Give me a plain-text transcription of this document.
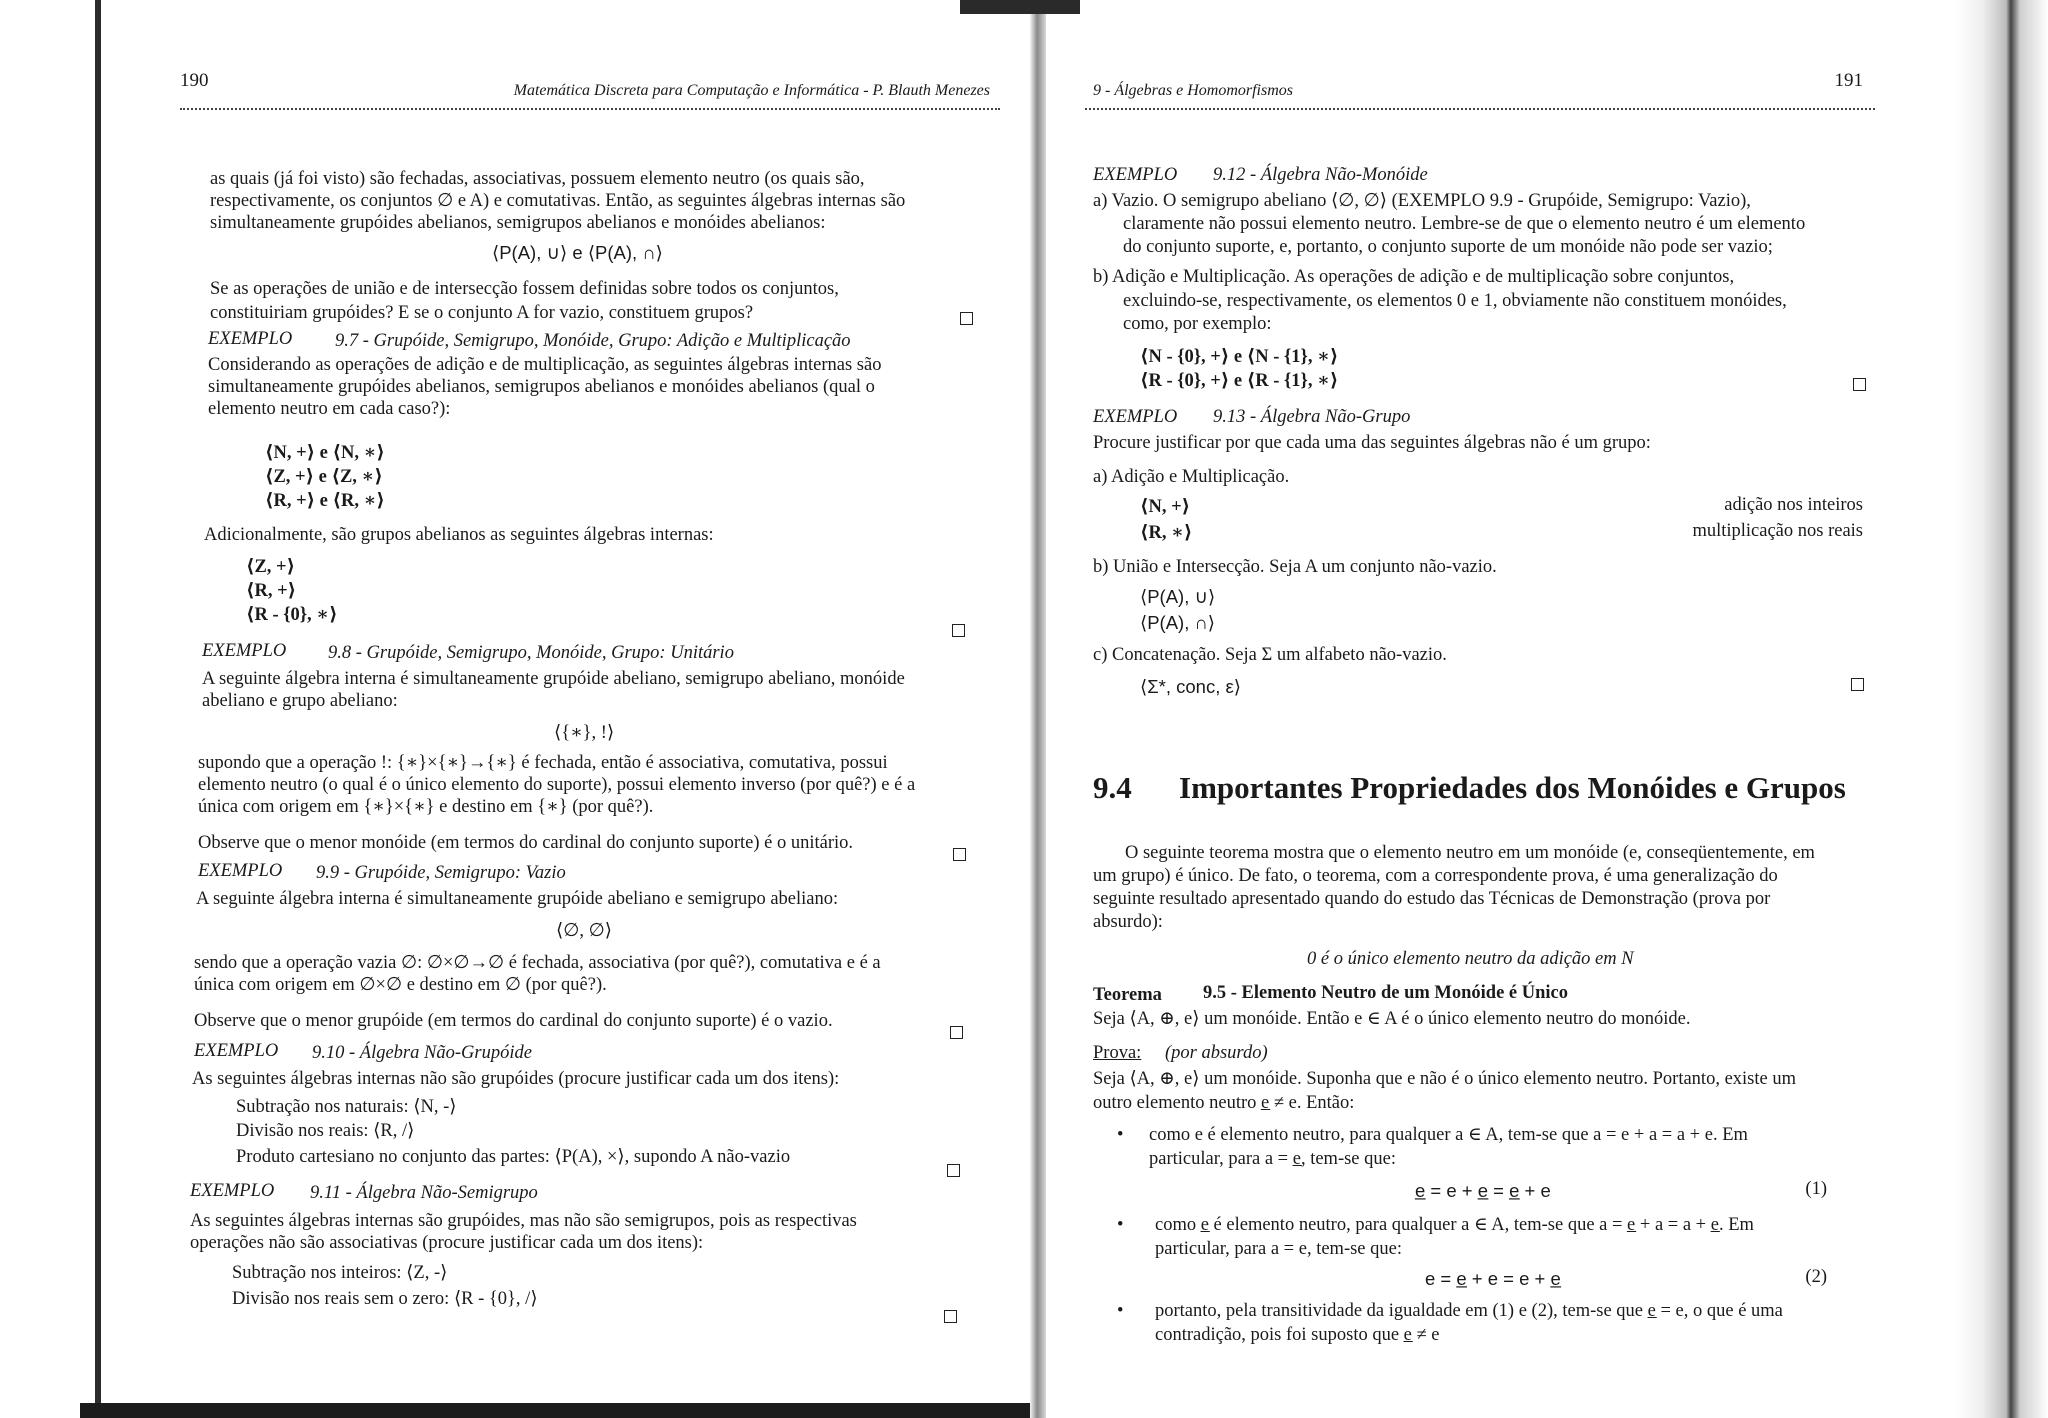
190	Matemática Discreta para Computação e Informática - P. Blauth Menezes
as quais (já foi visto) são fechadas, associativas, possuem elemento neutro (os quais são,
respectivamente, os conjuntos ∅ e A) e comutativas. Então, as seguintes álgebras internas são
simultaneamente grupóides abelianos, semigrupos abelianos e monóides abelianos:
⟨P(A), ∪⟩ e ⟨P(A), ∩⟩
Se as operações de união e de intersecção fossem definidas sobre todos os conjuntos,
constituiriam grupóides? E se o conjunto A for vazio, constituem grupos?
EXEMPLO 9.7 - Grupóide, Semigrupo, Monóide, Grupo: Adição e Multiplicação
Considerando as operações de adição e de multiplicação, as seguintes álgebras internas são
simultaneamente grupóides abelianos, semigrupos abelianos e monóides abelianos (qual o
elemento neutro em cada caso?):
⟨N, +⟩ e ⟨N, ∗⟩
⟨Z, +⟩ e ⟨Z, ∗⟩
⟨R, +⟩ e ⟨R, ∗⟩
Adicionalmente, são grupos abelianos as seguintes álgebras internas:
⟨Z, +⟩
⟨R, +⟩
⟨R - {0}, ∗⟩
EXEMPLO 9.8 - Grupóide, Semigrupo, Monóide, Grupo: Unitário
A seguinte álgebra interna é simultaneamente grupóide abeliano, semigrupo abeliano, monóide
abeliano e grupo abeliano:
⟨{∗}, !⟩
supondo que a operação !: {∗}×{∗}→{∗} é fechada, então é associativa, comutativa, possui
elemento neutro (o qual é o único elemento do suporte), possui elemento inverso (por quê?) e é a
única com origem em {∗}×{∗} e destino em {∗} (por quê?).
Observe que o menor monóide (em termos do cardinal do conjunto suporte) é o unitário.
EXEMPLO 9.9 - Grupóide, Semigrupo: Vazio
A seguinte álgebra interna é simultaneamente grupóide abeliano e semigrupo abeliano:
⟨∅, ∅⟩
sendo que a operação vazia ∅: ∅×∅→∅ é fechada, associativa (por quê?), comutativa e é a
única com origem em ∅×∅ e destino em ∅ (por quê?).
Observe que o menor grupóide (em termos do cardinal do conjunto suporte) é o vazio.
EXEMPLO 9.10 - Álgebra Não-Grupóide
As seguintes álgebras internas não são grupóides (procure justificar cada um dos itens):
Subtração nos naturais: ⟨N, -⟩
Divisão nos reais: ⟨R, /⟩
Produto cartesiano no conjunto das partes: ⟨P(A), ×⟩, supondo A não-vazio
EXEMPLO 9.11 - Álgebra Não-Semigrupo
As seguintes álgebras internas são grupóides, mas não são semigrupos, pois as respectivas
operações não são associativas (procure justificar cada um dos itens):
Subtração nos inteiros: ⟨Z, -⟩
Divisão nos reais sem o zero: ⟨R - {0}, /⟩
9 - Álgebras e Homomorfismos	191
EXEMPLO 9.12 - Álgebra Não-Monóide
a) Vazio. O semigrupo abeliano ⟨∅, ∅⟩ (EXEMPLO 9.9 - Grupóide, Semigrupo: Vazio),
claramente não possui elemento neutro. Lembre-se de que o elemento neutro é um elemento
do conjunto suporte, e, portanto, o conjunto suporte de um monóide não pode ser vazio;
b) Adição e Multiplicação. As operações de adição e de multiplicação sobre conjuntos,
excluindo-se, respectivamente, os elementos 0 e 1, obviamente não constituem monóides,
como, por exemplo:
⟨N - {0}, +⟩ e ⟨N - {1}, ∗⟩
⟨R - {0}, +⟩ e ⟨R - {1}, ∗⟩
EXEMPLO 9.13 - Álgebra Não-Grupo
Procure justificar por que cada uma das seguintes álgebras não é um grupo:
a) Adição e Multiplicação.
⟨N, +⟩	adição nos inteiros
⟨R, ∗⟩	multiplicação nos reais
b) União e Intersecção. Seja A um conjunto não-vazio.
⟨P(A), ∪⟩
⟨P(A), ∩⟩
c) Concatenação. Seja Σ um alfabeto não-vazio.
⟨Σ*, conc, ε⟩
9.4 Importantes Propriedades dos Monóides e Grupos
O seguinte teorema mostra que o elemento neutro em um monóide (e, conseqüentemente, em
um grupo) é único. De fato, o teorema, com a correspondente prova, é uma generalização do
seguinte resultado apresentado quando do estudo das Técnicas de Demonstração (prova por
absurdo):
0 é o único elemento neutro da adição em N
Teorema 9.5 - Elemento Neutro de um Monóide é Único
Seja ⟨A, ⊕, e⟩ um monóide. Então e ∈ A é o único elemento neutro do monóide.
Prova: (por absurdo)
Seja ⟨A, ⊕, e⟩ um monóide. Suponha que e não é o único elemento neutro. Portanto, existe um
outro elemento neutro e̲ ≠ e. Então:
• como e é elemento neutro, para qualquer a ∈ A, tem-se que a = e + a = a + e. Em
particular, para a = e̲, tem-se que:
e̲ = e + e̲ = e̲ + e	(1)
• como e̲ é elemento neutro, para qualquer a ∈ A, tem-se que a = e̲ + a = a + e̲. Em
particular, para a = e, tem-se que:
e = e̲ + e = e + e̲	(2)
• portanto, pela transitividade da igualdade em (1) e (2), tem-se que e̲ = e, o que é uma
contradição, pois foi suposto que e̲ ≠ e
